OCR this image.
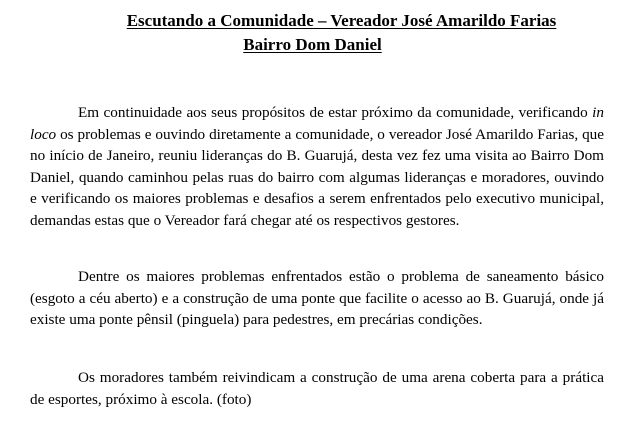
Escutando a Comunidade – Vereador José Amarildo Farias
Bairro Dom Daniel

Em continuidade aos seus propósitos de estar próximo da comunidade, verificando in loco os problemas e ouvindo diretamente a comunidade, o vereador José Amarildo Farias, que no início de Janeiro, reuniu lideranças do B. Guarujá, desta vez fez uma visita ao Bairro Dom Daniel, quando caminhou pelas ruas do bairro com algumas lideranças e moradores, ouvindo e verificando os maiores problemas e desafios a serem enfrentados pelo executivo municipal, demandas estas que o Vereador fará chegar até os respectivos gestores.

Dentre os maiores problemas enfrentados estão o problema de saneamento básico (esgoto a céu aberto) e a construção de uma ponte que facilite o acesso ao B. Guarujá, onde já existe uma ponte pênsil (pinguela) para pedestres, em precárias condições.

Os moradores também reivindicam a construção de uma arena coberta para a prática de esportes, próximo à escola. (foto)
